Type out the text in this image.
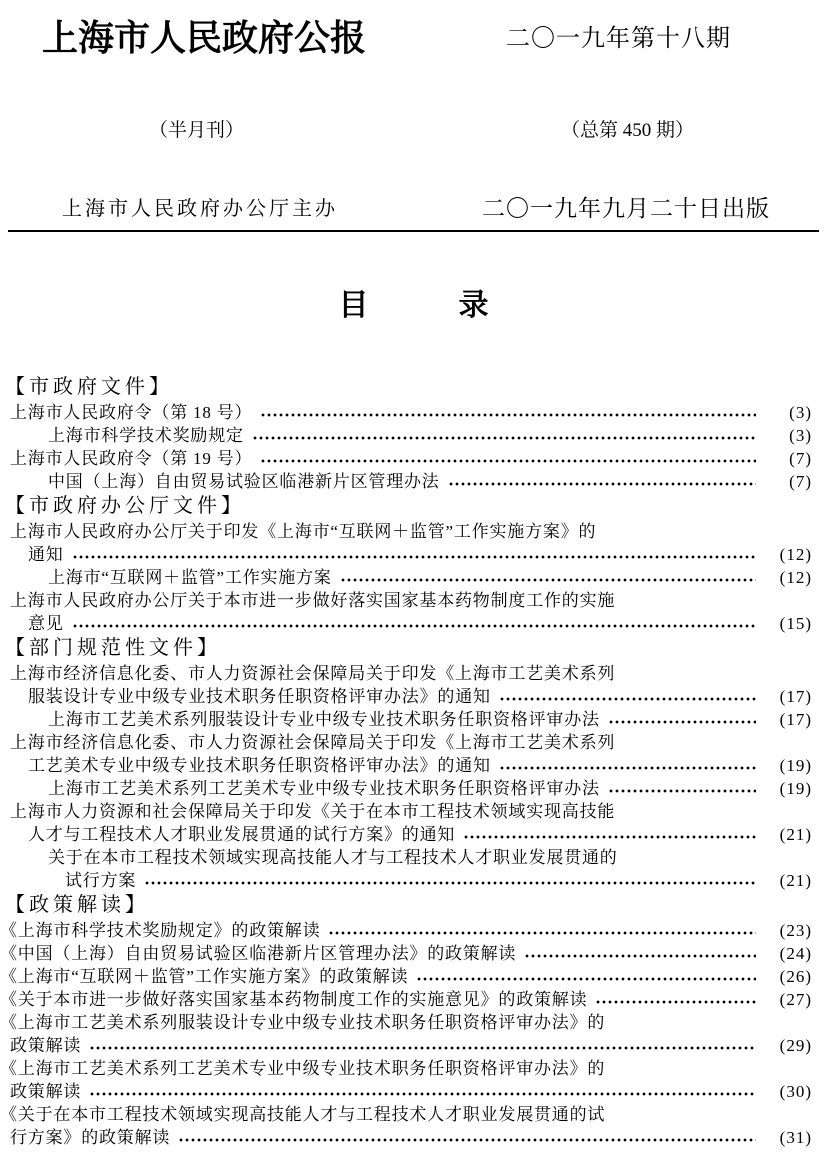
上海市人民政府公报	二〇一九年第十八期
（半月刊）	（总第 450 期）
上海市人民政府办公厅主办	二〇一九年九月二十日出版
目　　　录
【市政府文件】
上海市人民政府令（第 18 号）	(3)
上海市科学技术奖励规定	(3)
上海市人民政府令（第 19 号）	(7)
中国（上海）自由贸易试验区临港新片区管理办法	(7)
【市政府办公厅文件】
上海市人民政府办公厅关于印发《上海市“互联网＋监管”工作实施方案》的
通知	(12)
上海市“互联网＋监管”工作实施方案	(12)
上海市人民政府办公厅关于本市进一步做好落实国家基本药物制度工作的实施
意见	(15)
【部门规范性文件】
上海市经济信息化委、市人力资源社会保障局关于印发《上海市工艺美术系列
服装设计专业中级专业技术职务任职资格评审办法》的通知	(17)
上海市工艺美术系列服装设计专业中级专业技术职务任职资格评审办法	(17)
上海市经济信息化委、市人力资源社会保障局关于印发《上海市工艺美术系列
工艺美术专业中级专业技术职务任职资格评审办法》的通知	(19)
上海市工艺美术系列工艺美术专业中级专业技术职务任职资格评审办法	(19)
上海市人力资源和社会保障局关于印发《关于在本市工程技术领域实现高技能
人才与工程技术人才职业发展贯通的试行方案》的通知	(21)
关于在本市工程技术领域实现高技能人才与工程技术人才职业发展贯通的
试行方案	(21)
【政策解读】
《上海市科学技术奖励规定》的政策解读	(23)
《中国（上海）自由贸易试验区临港新片区管理办法》的政策解读	(24)
《上海市“互联网＋监管”工作实施方案》的政策解读	(26)
《关于本市进一步做好落实国家基本药物制度工作的实施意见》的政策解读	(27)
《上海市工艺美术系列服装设计专业中级专业技术职务任职资格评审办法》的
政策解读	(29)
《上海市工艺美术系列工艺美术专业中级专业技术职务任职资格评审办法》的
政策解读	(30)
《关于在本市工程技术领域实现高技能人才与工程技术人才职业发展贯通的试
行方案》的政策解读	(31)
